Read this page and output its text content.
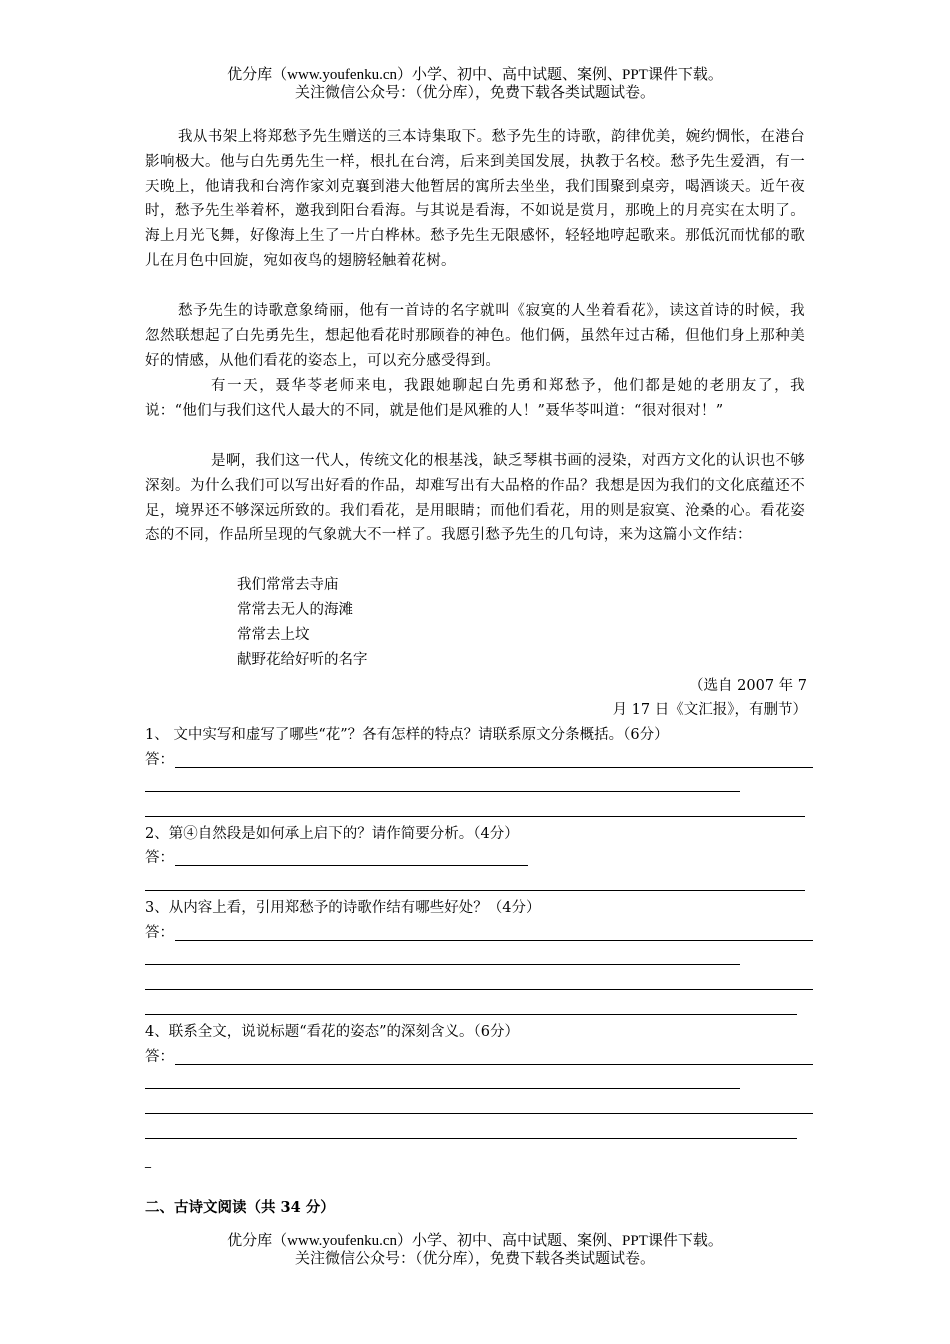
优分库（www.youfenku.cn）小学、初中、高中试题、案例、PPT课件下载。
关注微信公众号：（优分库），免费下载各类试题试卷。
我从书架上将郑愁予先生赠送的三本诗集取下。愁予先生的诗歌，韵律优美，婉约惆怅，在港台影响极大。他与白先勇先生一样，根扎在台湾，后来到美国发展，执教于名校。愁予先生爱酒，有一天晚上，他请我和台湾作家刘克襄到港大他暂居的寓所去坐坐，我们围聚到桌旁，喝酒谈天。近午夜时，愁予先生举着杯，邀我到阳台看海。与其说是看海，不如说是赏月，那晚上的月亮实在太明了。海上月光飞舞，好像海上生了一片白桦林。愁予先生无限感怀，轻轻地哼起歌来。那低沉而忧郁的歌儿在月色中回旋，宛如夜鸟的翅膀轻触着花树。
愁予先生的诗歌意象绮丽，他有一首诗的名字就叫《寂寞的人坐着看花》，读这首诗的时候，我忽然联想起了白先勇先生，想起他看花时那顾眷的神色。他们俩，虽然年过古稀，但他们身上那种美好的情感，从他们看花的姿态上，可以充分感受得到。
有一天，聂华苓老师来电，我跟她聊起白先勇和郑愁予，他们都是她的老朋友了，我说：“他们与我们这代人最大的不同，就是他们是风雅的人！”聂华苓叫道：“很对很对！”
是啊，我们这一代人，传统文化的根基浅，缺乏琴棋书画的浸染，对西方文化的认识也不够深刻。为什么我们可以写出好看的作品，却难写出有大品格的作品？我想是因为我们的文化底蕴还不足，境界还不够深远所致的。我们看花，是用眼睛；而他们看花，用的则是寂寞、沧桑的心。看花姿态的不同，作品所呈现的气象就大不一样了。我愿引愁予先生的几句诗，来为这篇小文作结：
我们常常去寺庙
常常去无人的海滩
常常去上坟
献野花给好听的名字
（选自 2007 年 7
月 17 日《文汇报》，有删节）
1、 文中实写和虚写了哪些“花”？各有怎样的特点？请联系原文分条概括。（6分）
答：
2、第④自然段是如何承上启下的？请作简要分析。（4分）
答：
3、从内容上看，引用郑愁予的诗歌作结有哪些好处？（4分）
答：
4、联系全文，说说标题“看花的姿态”的深刻含义。（6分）
答：
_
二、古诗文阅读（共 34 分）
优分库（www.youfenku.cn）小学、初中、高中试题、案例、PPT课件下载。
关注微信公众号：（优分库），免费下载各类试题试卷。
